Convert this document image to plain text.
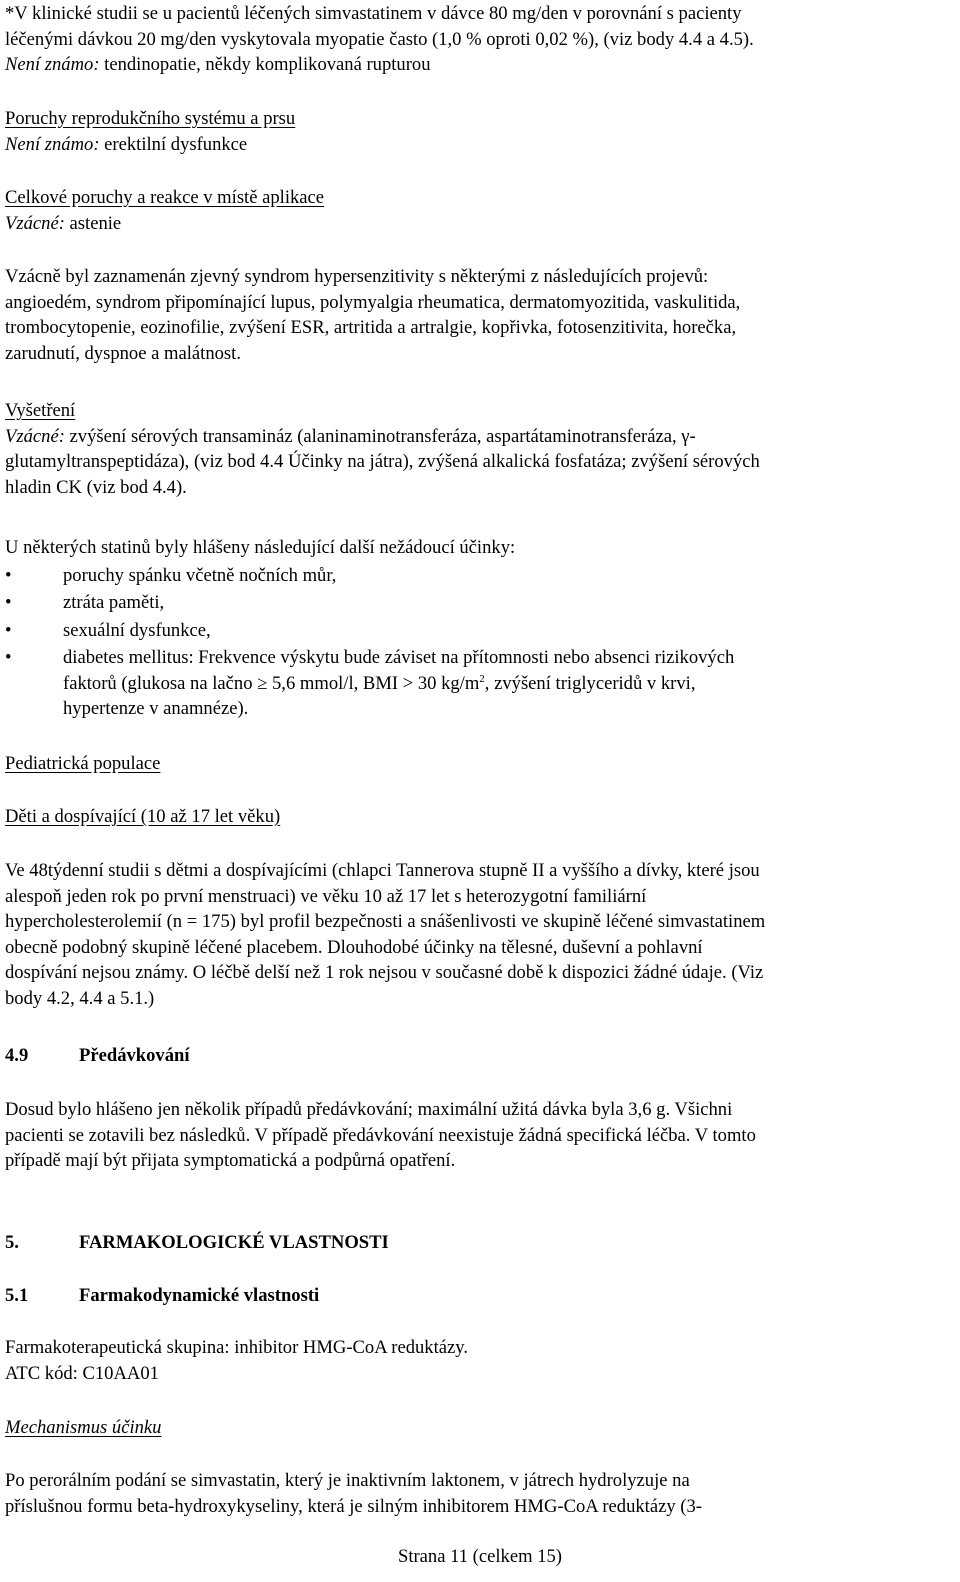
*V klinické studii se u pacientů léčených simvastatinem v dávce 80 mg/den v porovnání s pacienty
léčenými dávkou 20 mg/den vyskytovala myopatie často (1,0 % oproti 0,02 %), (viz body 4.4 a 4.5).
Není známo: tendinopatie, někdy komplikovaná rupturou
Poruchy reprodukčního systému a prsu
Není známo: erektilní dysfunkce
Celkové poruchy a reakce v místě aplikace
Vzácné: astenie
Vzácně byl zaznamenán zjevný syndrom hypersenzitivity s některými z následujících projevů:
angioedém, syndrom připomínající lupus, polymyalgia rheumatica, dermatomyozitida, vaskulitida,
trombocytopenie, eozinofilie, zvýšení ESR, artritida a artralgie, kopřivka, fotosenzitivita, horečka,
zarudnutí, dyspnoe a malátnost.
Vyšetření
Vzácné: zvýšení sérových transamináz (alaninaminotransferáza, aspartátaminotransferáza, γ-
glutamyltranspeptidáza), (viz bod 4.4 Účinky na játra), zvýšená alkalická fosfatáza; zvýšení sérových
hladin CK (viz bod 4.4).
U některých statinů byly hlášeny následující další nežádoucí účinky:
•	poruchy spánku včetně nočních můr,
•	ztráta paměti,
•	sexuální dysfunkce,
•	diabetes mellitus: Frekvence výskytu bude záviset na přítomnosti nebo absenci rizikových
faktorů (glukosa na lačno ≥ 5,6 mmol/l, BMI > 30 $kg/m^2$, zvýšení triglyceridů v krvi,
hypertenze v anamnéze).
Pediatrická populace
Děti a dospívající (10 až 17 let věku)
Ve 48týdenní studii s dětmi a dospívajícími (chlapci Tannerova stupně II a vyššího a dívky, které jsou
alespoň jeden rok po první menstruaci) ve věku 10 až 17 let s heterozygotní familiární
hypercholesterolemií (n = 175) byl profil bezpečnosti a snášenlivosti ve skupině léčené simvastatinem
obecně podobný skupině léčené placebem. Dlouhodobé účinky na tělesné, duševní a pohlavní
dospívání nejsou známy. O léčbě delší než 1 rok nejsou v současné době k dispozici žádné údaje. (Viz
body 4.2, 4.4 a 5.1.)
4.9	Předávkování
Dosud bylo hlášeno jen několik případů předávkování; maximální užitá dávka byla 3,6 g. Všichni
pacienti se zotavili bez následků. V případě předávkování neexistuje žádná specifická léčba. V tomto
případě mají být přijata symptomatická a podpůrná opatření.
5.	FARMAKOLOGICKÉ VLASTNOSTI
5.1	Farmakodynamické vlastnosti
Farmakoterapeutická skupina: inhibitor HMG-CoA reduktázy.
ATC kód: C10AA01
Mechanismus účinku
Po perorálním podání se simvastatin, který je inaktivním laktonem, v játrech hydrolyzuje na
příslušnou formu beta-hydroxykyseliny, která je silným inhibitorem HMG-CoA reduktázy (3-
Strana 11 (celkem 15)
